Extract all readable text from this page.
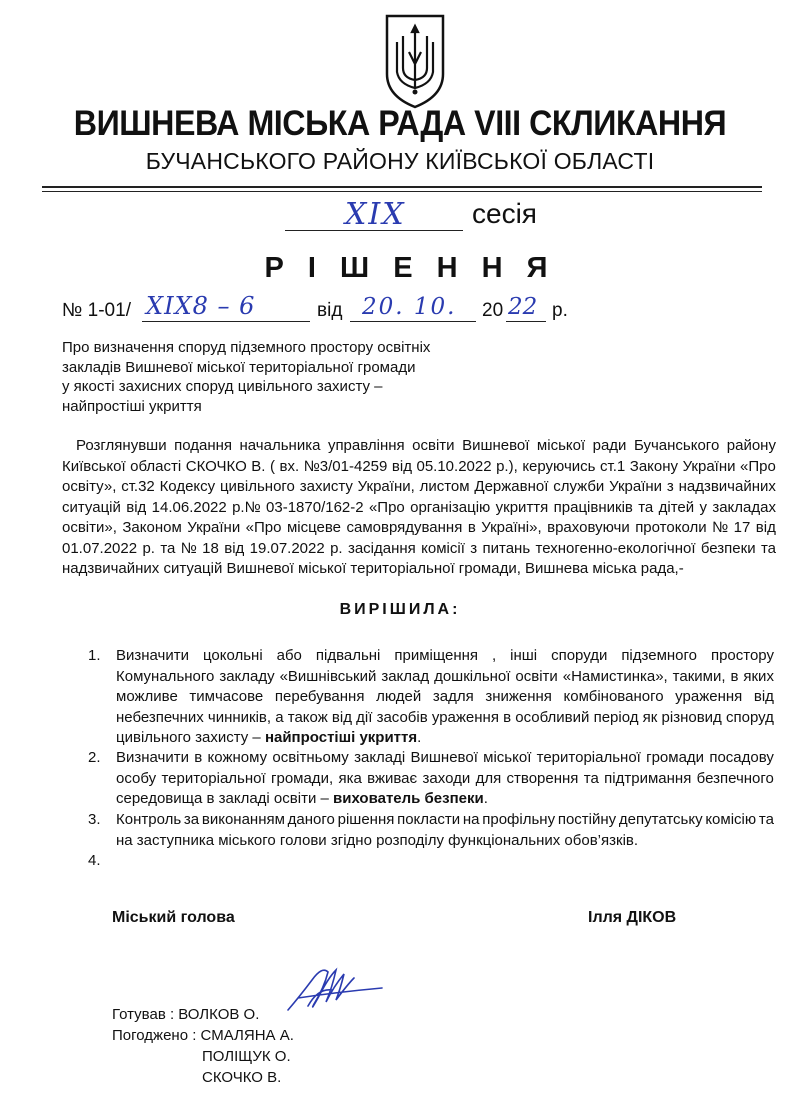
ВИШНЕВА МІСЬКА РАДА VIII СКЛИКАННЯ
БУЧАНСЬКОГО РАЙОНУ КИЇВСЬКОЇ ОБЛАСТІ
XIX сесія
Р І Ш Е Н Н Я
№ 1-01/ XIX8 – 6	від 20. 10. 20 22 р.
Про визначення споруд підземного простору освітніх
закладів Вишневої міської територіальної громади
у якості захисних споруд цивільного захисту –
найпростіші укриття
Розглянувши подання начальника управління освіти Вишневої міської ради Бучанського району
Київської області СКОЧКО В. ( вх. №3/01-4259 від 05.10.2022 р.), керуючись ст.1 Закону України «Про
освіту», ст.32 Кодексу цивільного захисту України, листом Державної служби України з надзвичайних
ситуацій від 14.06.2022 р.№ 03-1870/162-2 «Про організацію укриття працівників та дітей у закладах
освіти», Законом України «Про місцеве самоврядування в Україні», враховуючи протоколи № 17 від
01.07.2022 р. та № 18 від 19.07.2022 р. засідання комісії з питань техногенно-екологічної безпеки та
надзвичайних ситуацій Вишневої міської територіальної громади, Вишнева міська рада,-
ВИРІШИЛА:
1. Визначити цокольні або підвальні приміщення , інші споруди підземного простору
Комунального закладу «Вишнівський заклад дошкільної освіти «Намистинка», такими, в яких
можливе тимчасове перебування людей задля зниження комбінованого ураження від
небезпечних чинників, а також від дії засобів ураження в особливий період як різновид споруд
цивільного захисту – найпростіші укриття .
2. Визначити в кожному освітньому закладі Вишневої міської територіальної громади посадову
особу територіальної громади, яка вживає заходи для створення та підтримання безпечного
середовища в закладі освіти – вихователь безпеки .
3. Контроль за виконанням даного рішення покласти на профільну постійну депутатську комісію та
на заступника міського голови згідно розподілу функціональних обов’язків.
4.
Міський голова	Ілля ДІКОВ
Готував : ВОЛКОВ О.
Погоджено : СМАЛЯНА А.
ПОЛІЩУК О.
СКОЧКО В.
